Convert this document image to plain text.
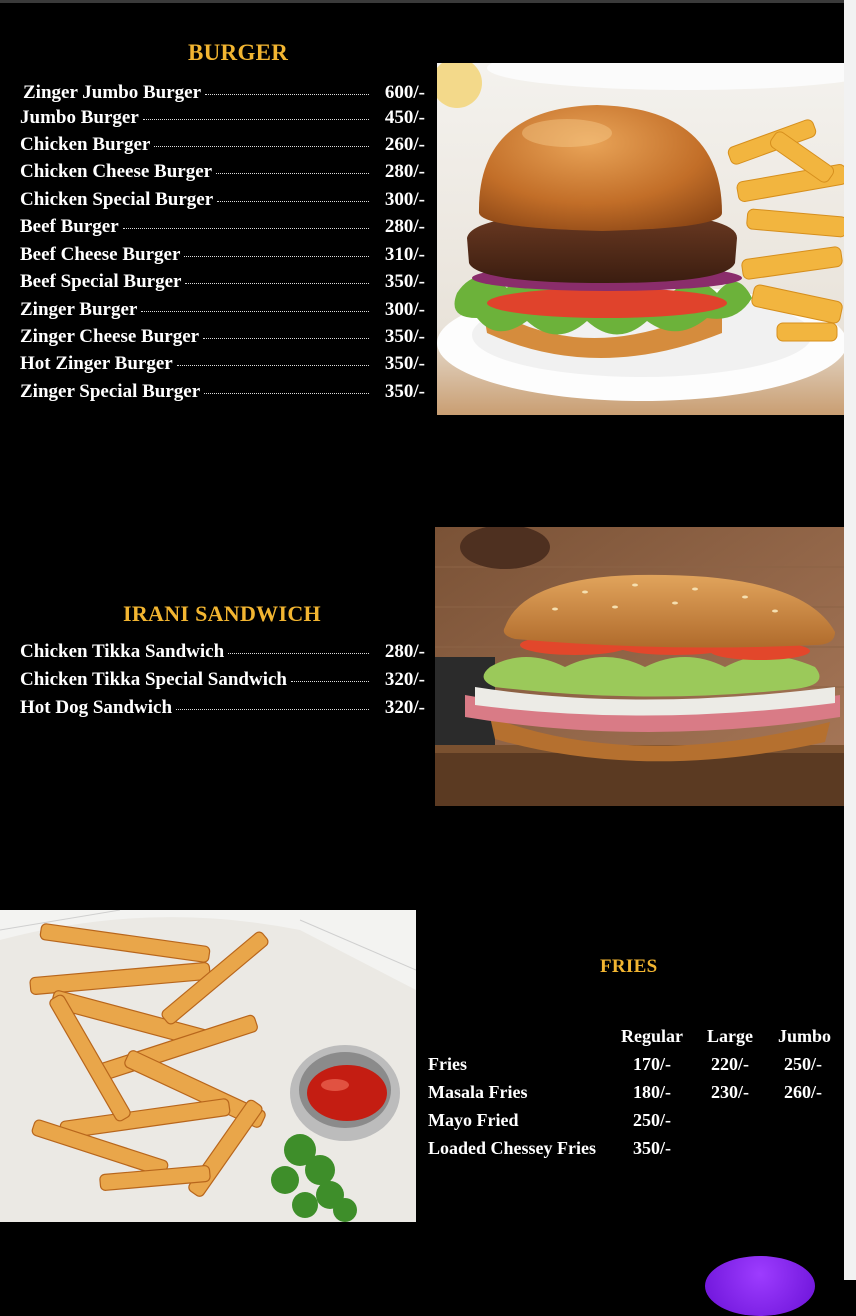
BURGER
Zinger Jumbo Burger	600/-
Jumbo Burger	450/-
Chicken Burger	260/-
Chicken Cheese Burger	280/-
Chicken Special Burger	300/-
Beef Burger	280/-
Beef Cheese Burger	310/-
Beef Special Burger	350/-
Zinger Burger	300/-
Zinger Cheese Burger	350/-
Hot Zinger Burger	350/-
Zinger Special Burger	350/-
IRANI SANDWICH
Chicken Tikka Sandwich	280/-
Chicken Tikka Special Sandwich	320/-
Hot Dog Sandwich	320/-
FRIES
Regular Large Jumbo
Fries	170/- 220/- 250/-
Masala Fries	180/- 230/- 260/-
Mayo Fried	250/-
Loaded Chessey Fries 350/-
